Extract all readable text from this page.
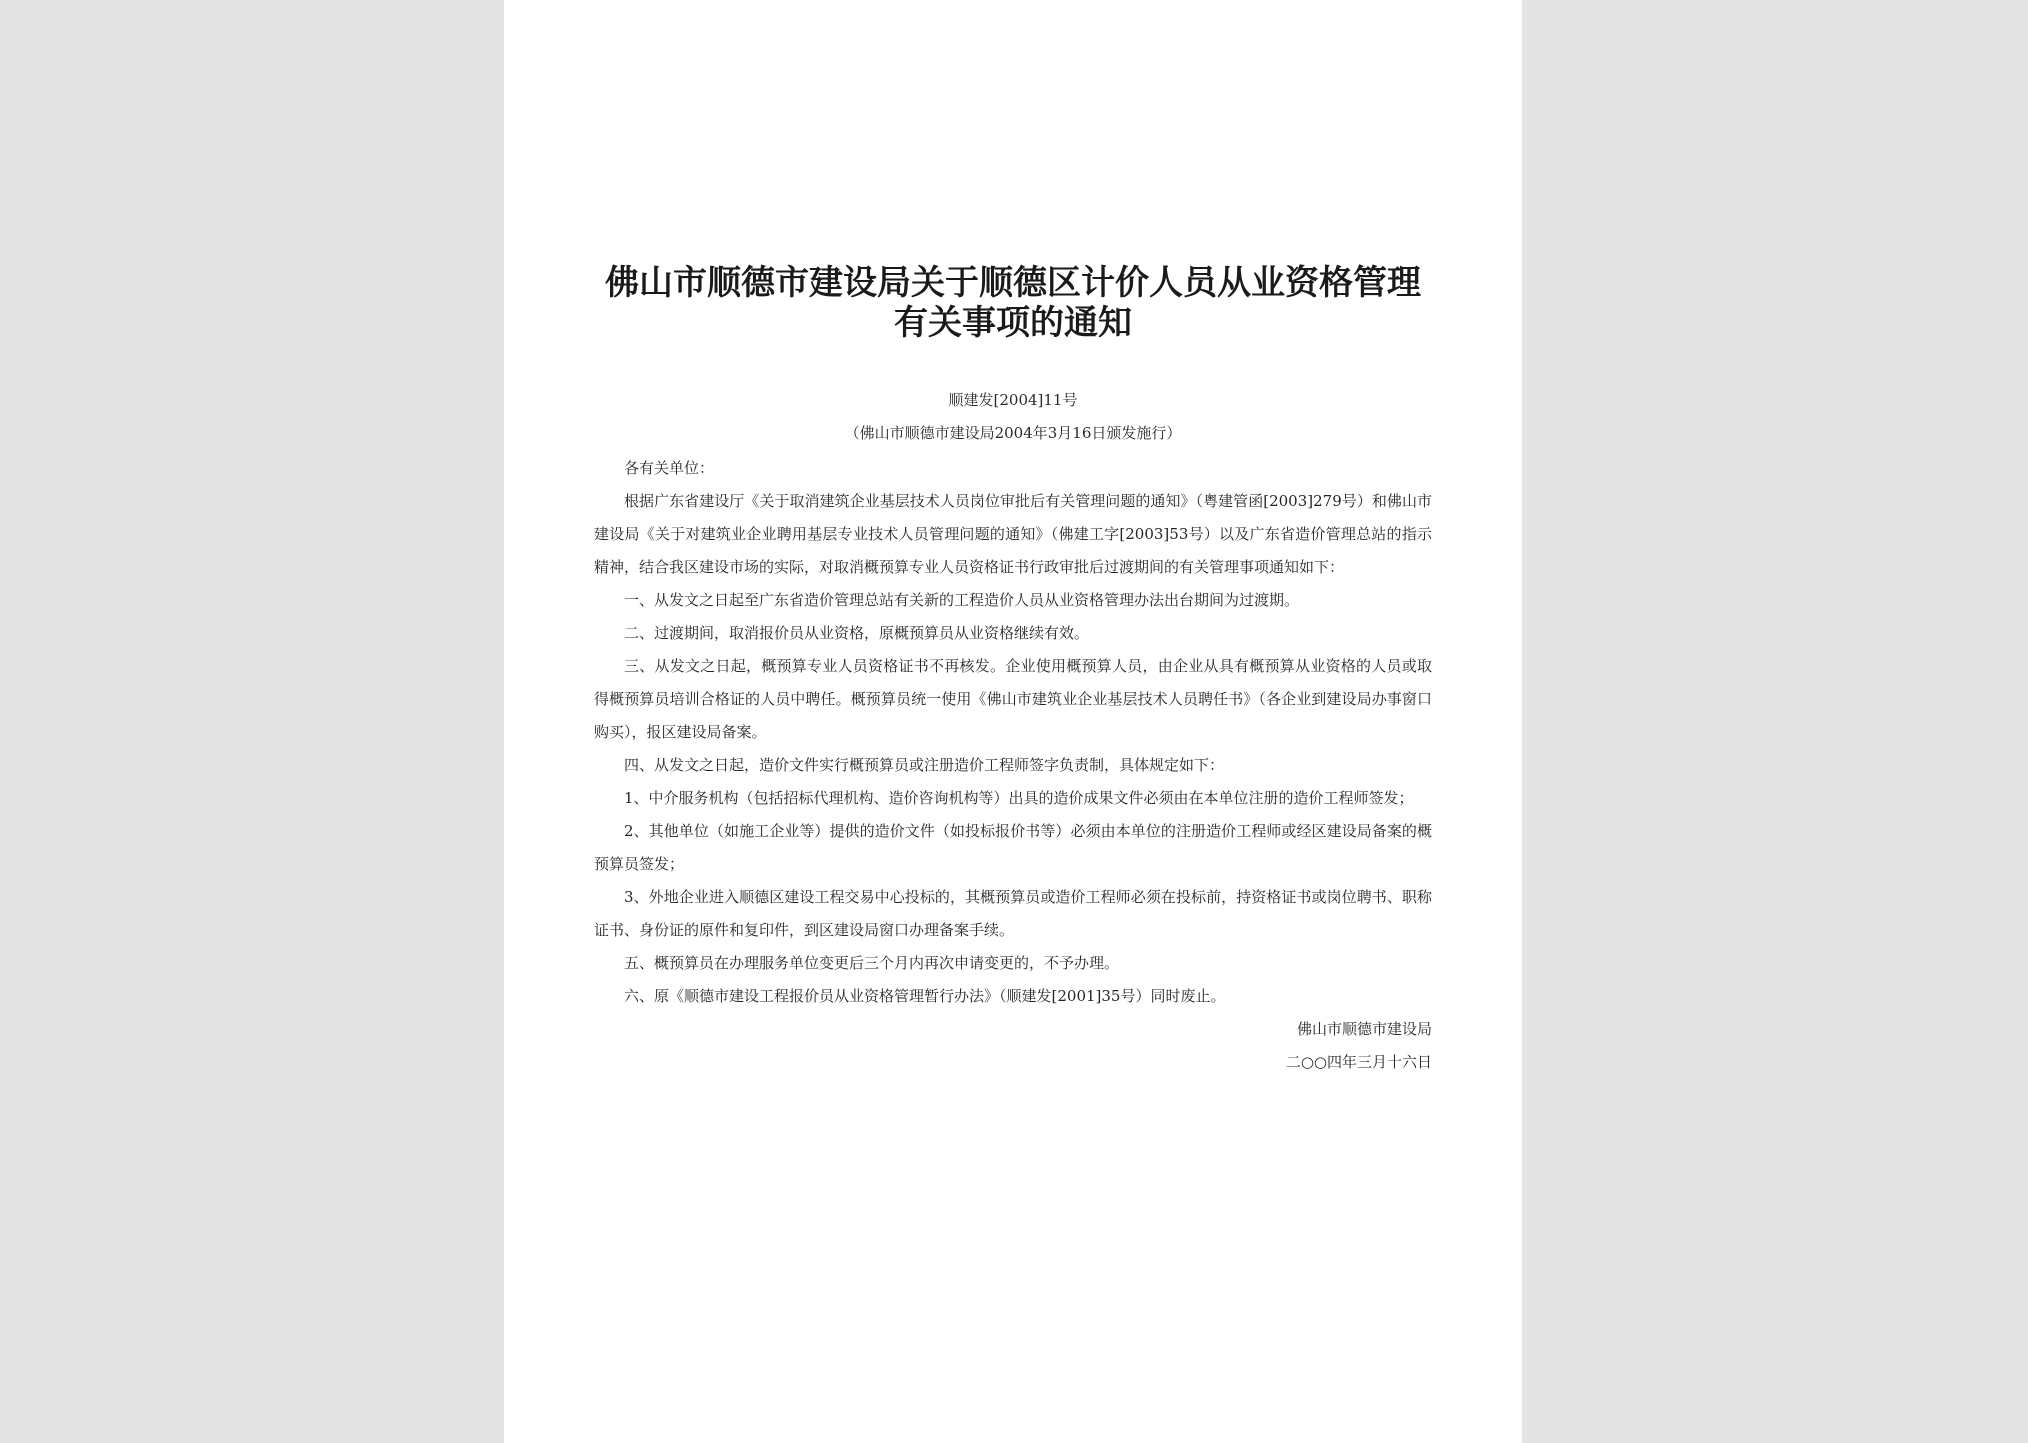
佛山市顺德市建设局关于顺德区计价人员从业资格管理有关事项的通知
顺建发[2004]11号
（佛山市顺德市建设局2004年3月16日颁发施行）

各有关单位：

根据广东省建设厅《关于取消建筑企业基层技术人员岗位审批后有关管理问题的通知》（粤建管函[2003]279号）和佛山市建设局《关于对建筑业企业聘用基层专业技术人员管理问题的通知》（佛建工字[2003]53号）以及广东省造价管理总站的指示精神，结合我区建设市场的实际，对取消概预算专业人员资格证书行政审批后过渡期间的有关管理事项通知如下：

一、从发文之日起至广东省造价管理总站有关新的工程造价人员从业资格管理办法出台期间为过渡期。

二、过渡期间，取消报价员从业资格，原概预算员从业资格继续有效。

三、从发文之日起，概预算专业人员资格证书不再核发。企业使用概预算人员，由企业从具有概预算从业资格的人员或取得概预算员培训合格证的人员中聘任。概预算员统一使用《佛山市建筑业企业基层技术人员聘任书》（各企业到建设局办事窗口购买），报区建设局备案。

四、从发文之日起，造价文件实行概预算员或注册造价工程师签字负责制，具体规定如下：

1、中介服务机构（包括招标代理机构、造价咨询机构等）出具的造价成果文件必须由在本单位注册的造价工程师签发；

2、其他单位（如施工企业等）提供的造价文件（如投标报价书等）必须由本单位的注册造价工程师或经区建设局备案的概预算员签发；

3、外地企业进入顺德区建设工程交易中心投标的，其概预算员或造价工程师必须在投标前，持资格证书或岗位聘书、职称证书、身份证的原件和复印件，到区建设局窗口办理备案手续。

五、概预算员在办理服务单位变更后三个月内再次申请变更的，不予办理。

六、原《顺德市建设工程报价员从业资格管理暂行办法》（顺建发[2001]35号）同时废止。

佛山市顺德市建设局
二○○四年三月十六日
